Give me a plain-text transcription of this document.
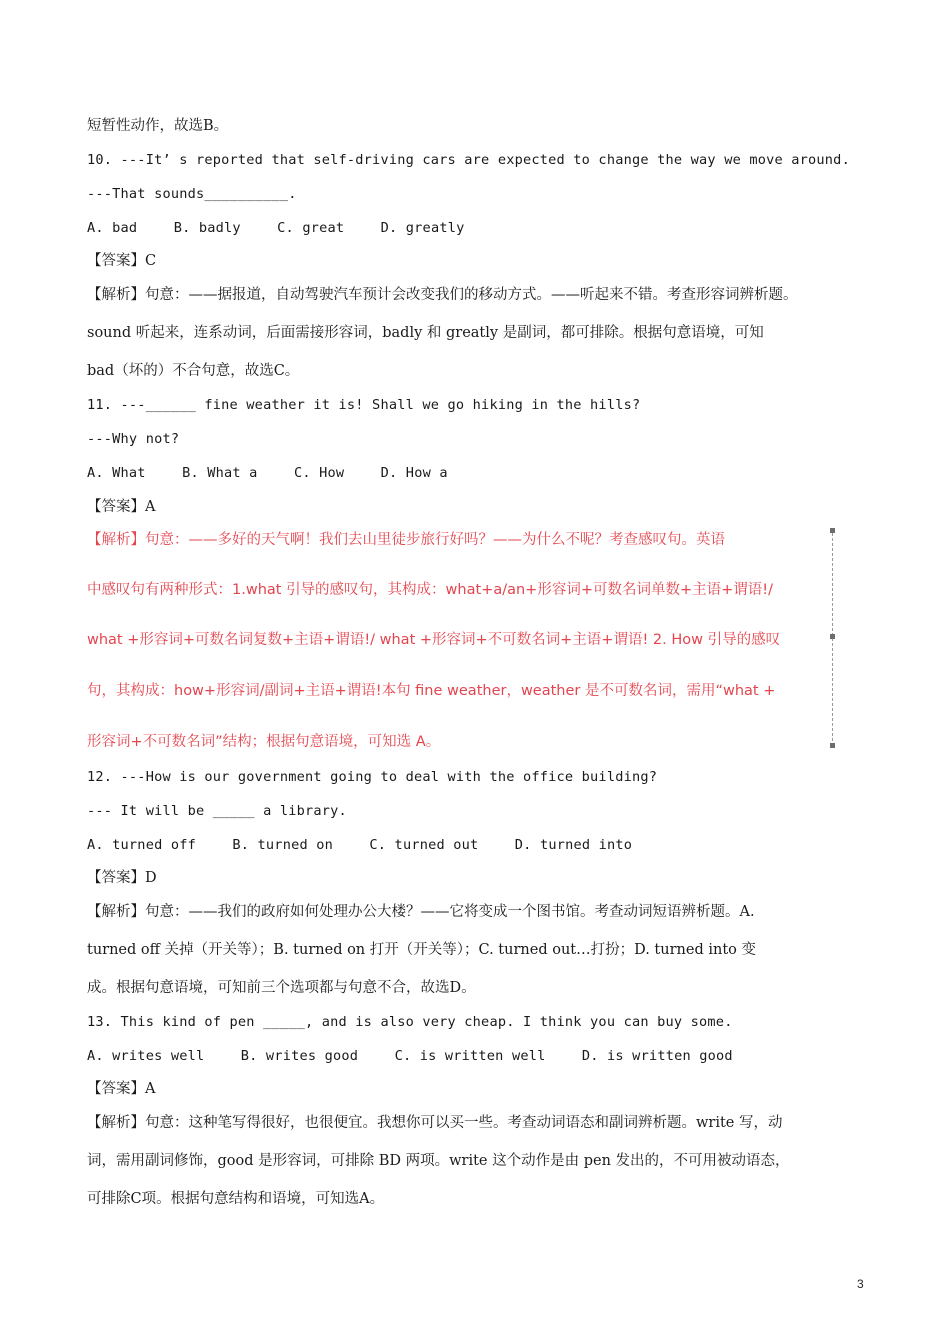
短暂性动作，故选B。
10. ---It’ s reported that self-driving cars are expected to change the way we move around.
---That sounds__________.
A. bad	B. badly	C. great	D. greatly
【答案】C
【解析】句意：——据报道，自动驾驶汽车预计会改变我们的移动方式。——听起来不错。考查形容词辨析题。
sound 听起来，连系动词，后面需接形容词，badly 和 greatly 是副词，都可排除。根据句意语境，可知
bad（坏的）不合句意，故选C。
11. ---______ fine weather it is! Shall we go hiking in the hills?
---Why not?
A. What	B. What a	C. How	D. How a
【答案】A
【解析】句意：——多好的天气啊！我们去山里徒步旅行好吗？——为什么不呢？考查感叹句。英语
中感叹句有两种形式：1.what 引导的感叹句，其构成：what+a/an+形容词+可数名词单数+主语+谓语!/
what +形容词+可数名词复数+主语+谓语!/ what +形容词+不可数名词+主语+谓语! 2. How 引导的感叹
句，其构成：how+形容词/副词+主语+谓语!本句 fine weather，weather 是不可数名词，需用“what +
形容词+不可数名词”结构；根据句意语境，可知选 A。
12. ---How is our government going to deal with the office building?
--- It will be _____ a library.
A. turned off	B. turned on	C. turned out	D. turned into
【答案】D
【解析】句意：——我们的政府如何处理办公大楼？——它将变成一个图书馆。考查动词短语辨析题。A.
turned off 关掉（开关等）；B. turned on 打开（开关等）；C. turned out…打扮；D. turned into 变
成。根据句意语境，可知前三个选项都与句意不合，故选D。
13. This kind of pen _____, and is also very cheap. I think you can buy some.
A. writes well	B. writes good	C. is written well	D. is written good
【答案】A
【解析】句意：这种笔写得很好，也很便宜。我想你可以买一些。考查动词语态和副词辨析题。write 写，动
词，需用副词修饰，good 是形容词，可排除 BD 两项。write 这个动作是由 pen 发出的，不可用被动语态，
可排除C项。根据句意结构和语境，可知选A。
3
